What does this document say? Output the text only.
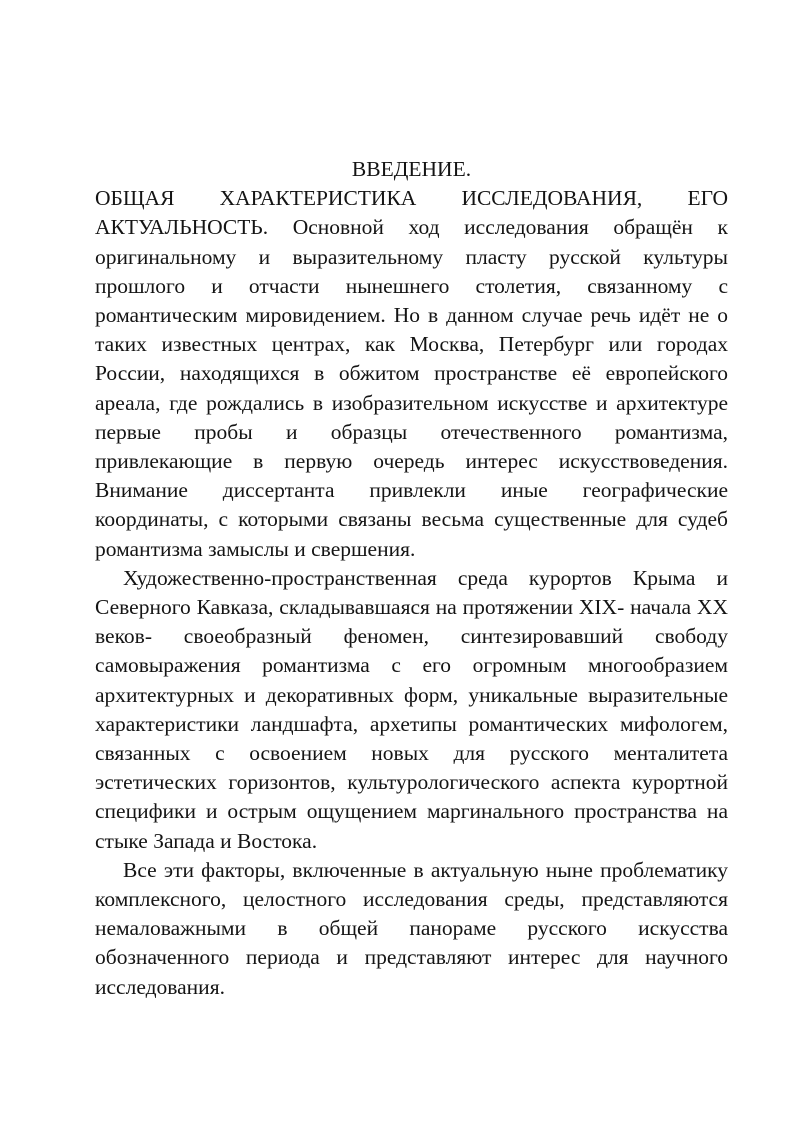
ВВЕДЕНИЕ.

ОБЩАЯ ХАРАКТЕРИСТИКА ИССЛЕДОВАНИЯ, ЕГО АКТУАЛЬНОСТЬ. Основной ход исследования обращён к оригинальному и выразительному пласту русской культуры прошлого и отчасти нынешнего столетия, связанному с романтическим мировидением. Но в данном случае речь идёт не о таких известных центрах, как Москва, Петербург или городах России, находящихся в обжитом пространстве её европейского ареала, где рождались в изобразительном искусстве и архитектуре первые пробы и образцы отечественного романтизма, привлекающие в первую очередь интерес искусствоведения. Внимание диссертанта привлекли иные географические координаты, с которыми связаны весьма существенные для судеб романтизма замыслы и свершения.

Художественно-пространственная среда курортов Крыма и Северного Кавказа, складывавшаяся на протяжении XIX- начала XX веков- своеобразный феномен, синтезировавший свободу самовыражения романтизма с его огромным многообразием архитектурных и декоративных форм, уникальные выразительные характеристики ландшафта, архетипы романтических мифологем, связанных с освоением новых для русского менталитета эстетических горизонтов, культурологического аспекта курортной специфики и острым ощущением маргинального пространства на стыке Запада и Востока.

Все эти факторы, включенные в актуальную ныне проблематику комплексного, целостного исследования среды, представляются немаловажными в общей панораме русского искусства обозначенного периода и представляют интерес для научного исследования.
